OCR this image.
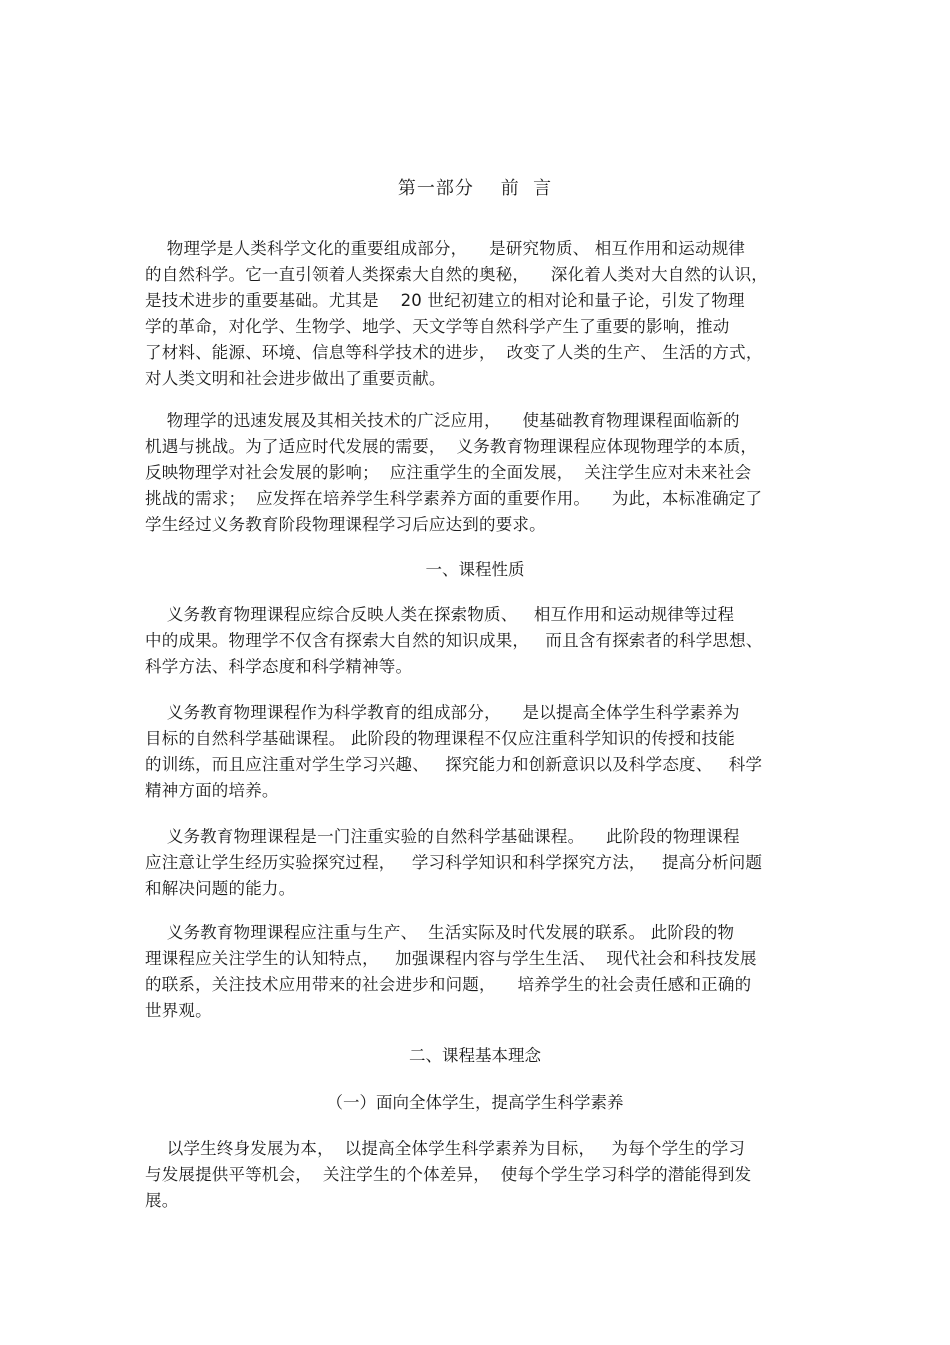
第一部分    前  言
物理学是人类科学文化的重要组成部分，    是研究物质、 相互作用和运动规律
的自然科学。它一直引领着人类探索大自然的奥秘，    深化着人类对大自然的认识，
是技术进步的重要基础。尤其是    20 世纪初建立的相对论和量子论，引发了物理
学的革命，对化学、生物学、地学、天文学等自然科学产生了重要的影响，推动
了材料、能源、环境、信息等科学技术的进步，  改变了人类的生产、 生活的方式，
对人类文明和社会进步做出了重要贡献。
物理学的迅速发展及其相关技术的广泛应用，    使基础教育物理课程面临新的
机遇与挑战。为了适应时代发展的需要，  义务教育物理课程应体现物理学的本质，
反映物理学对社会发展的影响；  应注重学生的全面发展，  关注学生应对未来社会
挑战的需求；  应发挥在培养学生科学素养方面的重要作用。    为此，本标准确定了
学生经过义务教育阶段物理课程学习后应达到的要求。
一、课程性质
义务教育物理课程应综合反映人类在探索物质、   相互作用和运动规律等过程
中的成果。物理学不仅含有探索大自然的知识成果，   而且含有探索者的科学思想、
科学方法、科学态度和科学精神等。
义务教育物理课程作为科学教育的组成部分，    是以提高全体学生科学素养为
目标的自然科学基础课程。 此阶段的物理课程不仅应注重科学知识的传授和技能
的训练，而且应注重对学生学习兴趣、   探究能力和创新意识以及科学态度、   科学
精神方面的培养。
义务教育物理课程是一门注重实验的自然科学基础课程。    此阶段的物理课程
应注意让学生经历实验探究过程，   学习科学知识和科学探究方法，   提高分析问题
和解决问题的能力。
义务教育物理课程应注重与生产、  生活实际及时代发展的联系。 此阶段的物
理课程应关注学生的认知特点，   加强课程内容与学生生活、  现代社会和科技发展
的联系，关注技术应用带来的社会进步和问题，    培养学生的社会责任感和正确的
世界观。
二、课程基本理念
（一）面向全体学生，提高学生科学素养
以学生终身发展为本，  以提高全体学生科学素养为目标，   为每个学生的学习
与发展提供平等机会，  关注学生的个体差异，  使每个学生学习科学的潜能得到发
展。
